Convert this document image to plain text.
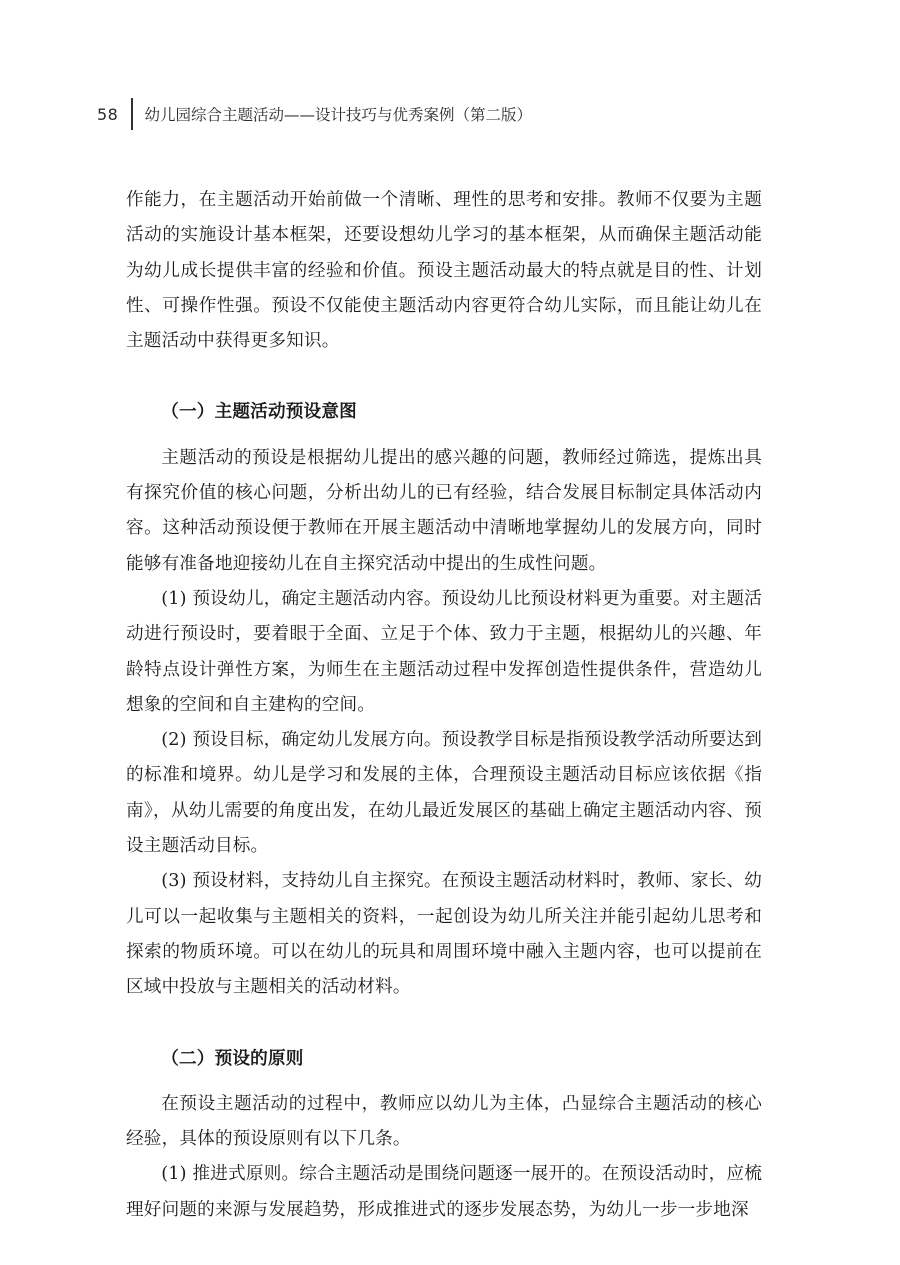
58	幼儿园综合主题活动——设计技巧与优秀案例（第二版）

作能力，在主题活动开始前做一个清晰、理性的思考和安排。教师不仅要为主题活动的实施设计基本框架，还要设想幼儿学习的基本框架，从而确保主题活动能为幼儿成长提供丰富的经验和价值。预设主题活动最大的特点就是目的性、计划性、可操作性强。预设不仅能使主题活动内容更符合幼儿实际，而且能让幼儿在主题活动中获得更多知识。

（一）主题活动预设意图

主题活动的预设是根据幼儿提出的感兴趣的问题，教师经过筛选，提炼出具有探究价值的核心问题，分析出幼儿的已有经验，结合发展目标制定具体活动内容。这种活动预设便于教师在开展主题活动中清晰地掌握幼儿的发展方向，同时能够有准备地迎接幼儿在自主探究活动中提出的生成性问题。

(1) 预设幼儿，确定主题活动内容。预设幼儿比预设材料更为重要。对主题活动进行预设时，要着眼于全面、立足于个体、致力于主题，根据幼儿的兴趣、年龄特点设计弹性方案，为师生在主题活动过程中发挥创造性提供条件，营造幼儿想象的空间和自主建构的空间。

(2) 预设目标，确定幼儿发展方向。预设教学目标是指预设教学活动所要达到的标准和境界。幼儿是学习和发展的主体，合理预设主题活动目标应该依据《指南》，从幼儿需要的角度出发，在幼儿最近发展区的基础上确定主题活动内容、预设主题活动目标。

(3) 预设材料，支持幼儿自主探究。在预设主题活动材料时，教师、家长、幼儿可以一起收集与主题相关的资料，一起创设为幼儿所关注并能引起幼儿思考和探索的物质环境。可以在幼儿的玩具和周围环境中融入主题内容，也可以提前在区域中投放与主题相关的活动材料。

（二）预设的原则

在预设主题活动的过程中，教师应以幼儿为主体，凸显综合主题活动的核心经验，具体的预设原则有以下几条。

(1) 推进式原则。综合主题活动是围绕问题逐一展开的。在预设活动时，应梳理好问题的来源与发展趋势，形成推进式的逐步发展态势，为幼儿一步一步地深
